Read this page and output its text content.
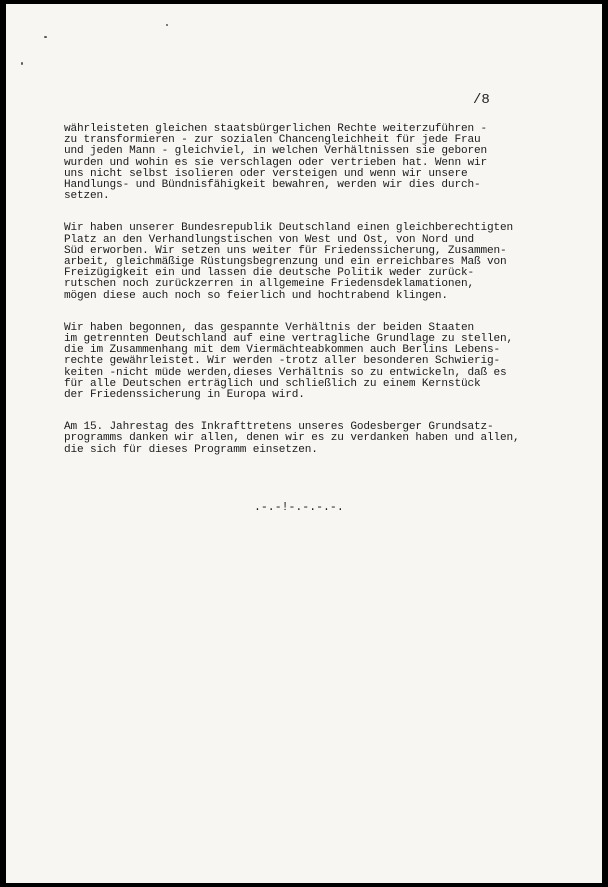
/8

währleisteten gleichen staatsbürgerlichen Rechte weiterzuführen -
zu transformieren - zur sozialen Chancengleichheit für jede Frau
und jeden Mann - gleichviel, in welchen Verhältnissen sie geboren
wurden und wohin es sie verschlagen oder vertrieben hat. Wenn wir
uns nicht selbst isolieren oder versteigen und wenn wir unsere
Handlungs- und Bündnisfähigkeit bewahren, werden wir dies durch-
setzen.
Wir haben unserer Bundesrepublik Deutschland einen gleichberechtigten
Platz an den Verhandlungstischen von West und Ost, von Nord und
Süd erworben. Wir setzen uns weiter für Friedenssicherung, Zusammen-
arbeit, gleichmäßige Rüstungsbegrenzung und ein erreichbares Maß von
Freizügigkeit ein und lassen die deutsche Politik weder zurück-
rutschen noch zurückzerren in allgemeine Friedensdeklamationen,
mögen diese auch noch so feierlich und hochtrabend klingen.
Wir haben begonnen, das gespannte Verhältnis der beiden Staaten
im getrennten Deutschland auf eine vertragliche Grundlage zu stellen,
die im Zusammenhang mit dem Viermächteabkommen auch Berlins Lebens-
rechte gewährleistet. Wir werden -trotz aller besonderen Schwierig-
keiten -nicht müde werden,dieses Verhältnis so zu entwickeln, daß es
für alle Deutschen erträglich und schließlich zu einem Kernstück
der Friedenssicherung in Europa wird.
Am 15. Jahrestag des Inkrafttretens unseres Godesberger Grundsatz-
programms danken wir allen, denen wir es zu verdanken haben und allen,
die sich für dieses Programm einsetzen.

.-.-!-.-.-.-.
